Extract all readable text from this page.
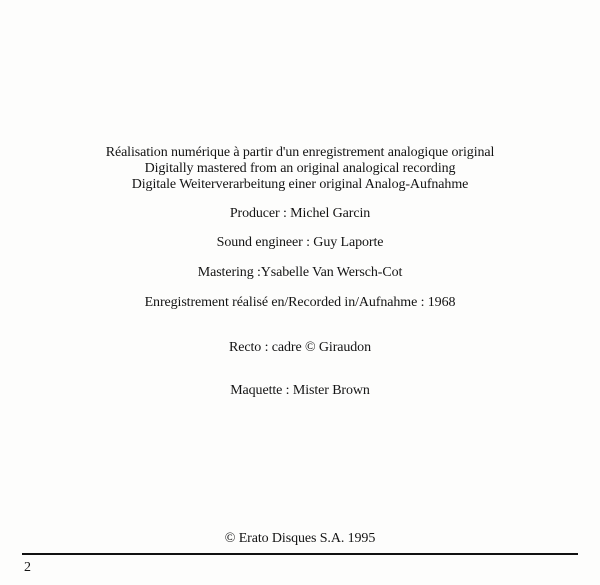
Réalisation numérique à partir d'un enregistrement analogique original
Digitally mastered from an original analogical recording
Digitale Weiterverarbeitung einer original Analog-Aufnahme
Producer : Michel Garcin
Sound engineer : Guy Laporte
Mastering :Ysabelle Van Wersch-Cot
Enregistrement réalisé en/Recorded in/Aufnahme : 1968
Recto : cadre © Giraudon
Maquette : Mister Brown
© Erato Disques S.A. 1995
2
